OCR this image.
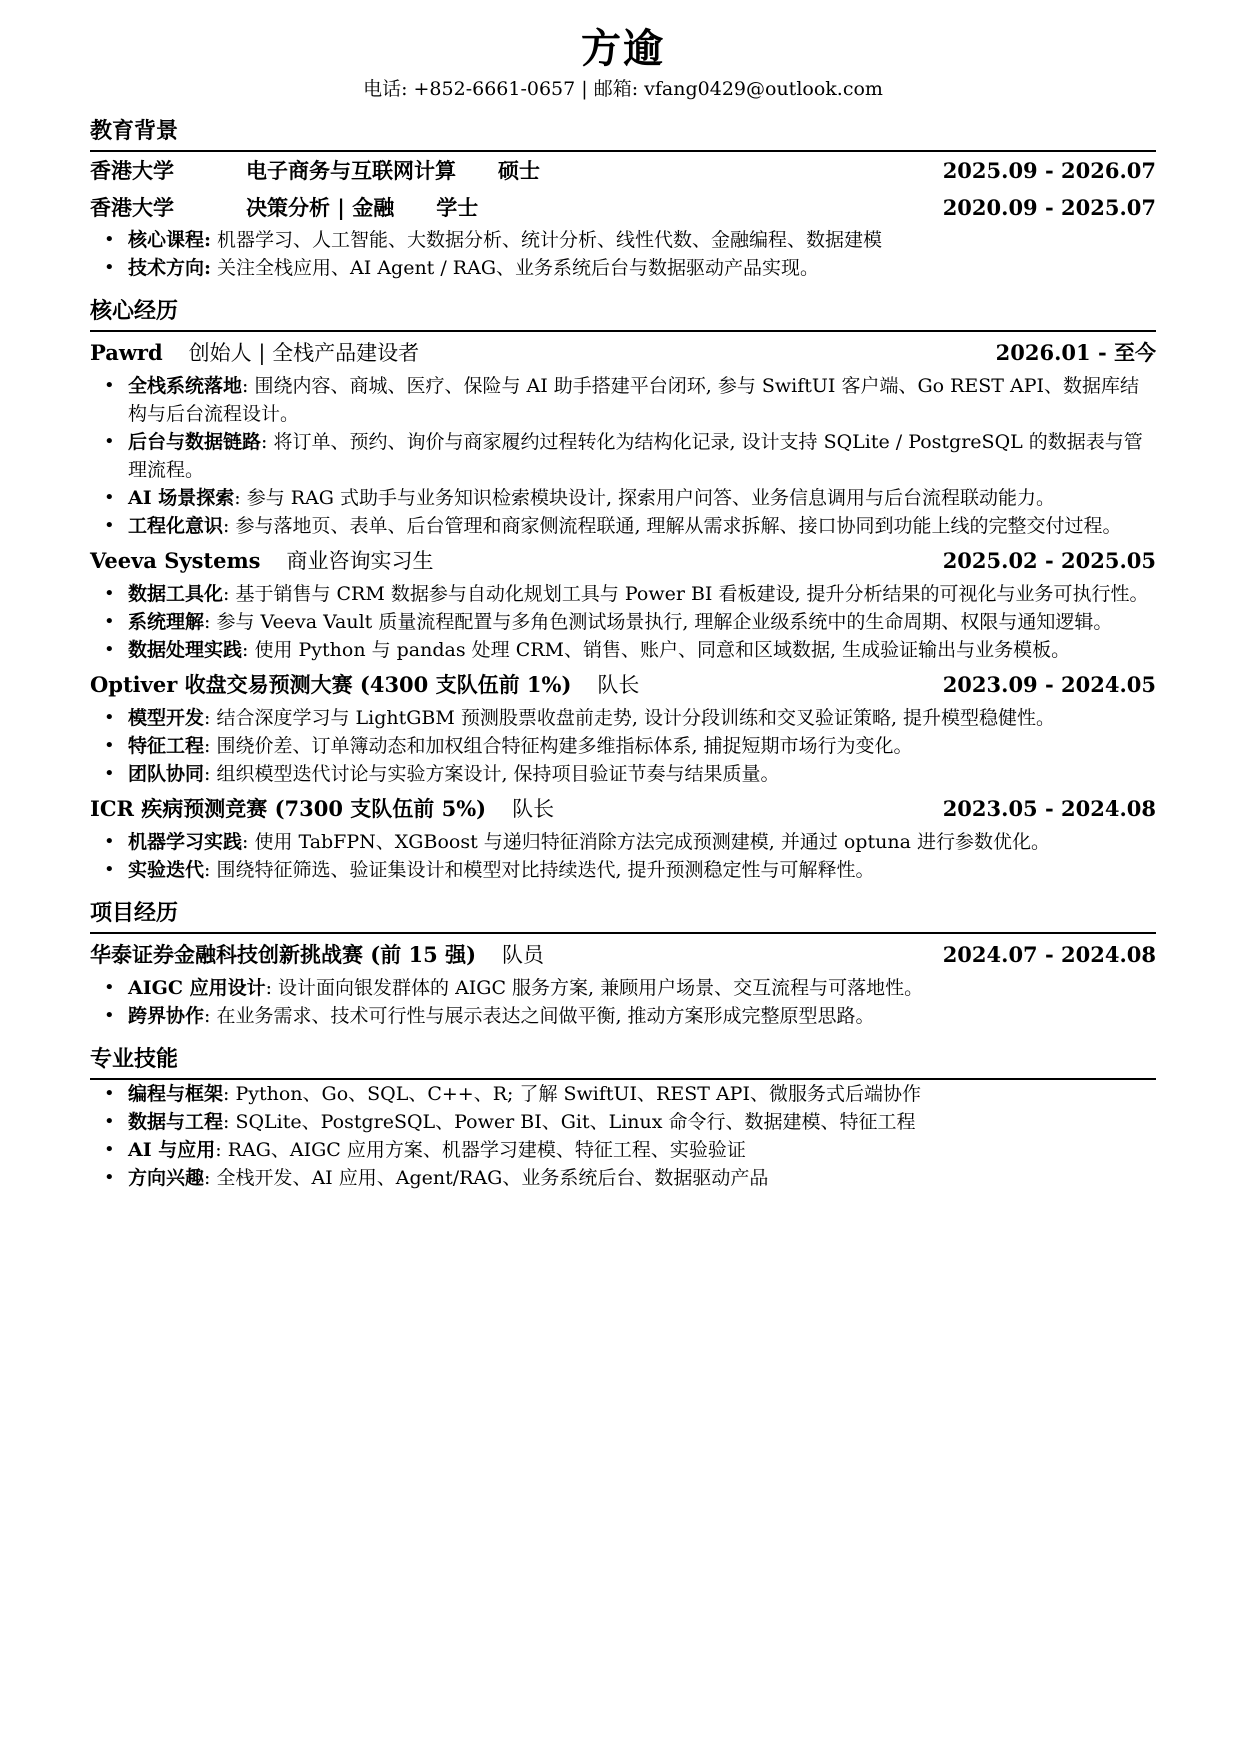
方逾
电话: +852-6661-0657 | 邮箱: vfang0429@outlook.com
教育背景
香港大学	电子商务与互联网计算 硕士	2025.09 - 2026.07
香港大学	决策分析 | 金融 学士	2020.09 - 2025.07
• 核心课程: 机器学习、人工智能、大数据分析、统计分析、线性代数、金融编程、数据建模
• 技术方向: 关注全栈应用、AI Agent / RAG、业务系统后台与数据驱动产品实现。
核心经历
Pawrd 创始人 | 全栈产品建设者	2026.01 - 至今
• 全栈系统落地: 围绕内容、商城、医疗、保险与 AI 助手搭建平台闭环, 参与 SwiftUI 客户端、Go REST API、数据库结构与后台流程设计。
• 后台与数据链路: 将订单、预约、询价与商家履约过程转化为结构化记录, 设计支持 SQLite / PostgreSQL 的数据表与管理流程。
• AI 场景探索: 参与 RAG 式助手与业务知识检索模块设计, 探索用户问答、业务信息调用与后台流程联动能力。
• 工程化意识: 参与落地页、表单、后台管理和商家侧流程联通, 理解从需求拆解、接口协同到功能上线的完整交付过程。
Veeva Systems 商业咨询实习生	2025.02 - 2025.05
• 数据工具化: 基于销售与 CRM 数据参与自动化规划工具与 Power BI 看板建设, 提升分析结果的可视化与业务可执行性。
• 系统理解: 参与 Veeva Vault 质量流程配置与多角色测试场景执行, 理解企业级系统中的生命周期、权限与通知逻辑。
• 数据处理实践: 使用 Python 与 pandas 处理 CRM、销售、账户、同意和区域数据, 生成验证输出与业务模板。
Optiver 收盘交易预测大赛 (4300 支队伍前 1%) 队长	2023.09 - 2024.05
• 模型开发: 结合深度学习与 LightGBM 预测股票收盘前走势, 设计分段训练和交叉验证策略, 提升模型稳健性。
• 特征工程: 围绕价差、订单簿动态和加权组合特征构建多维指标体系, 捕捉短期市场行为变化。
• 团队协同: 组织模型迭代讨论与实验方案设计, 保持项目验证节奏与结果质量。
ICR 疾病预测竞赛 (7300 支队伍前 5%) 队长	2023.05 - 2024.08
• 机器学习实践: 使用 TabFPN、XGBoost 与递归特征消除方法完成预测建模, 并通过 optuna 进行参数优化。
• 实验迭代: 围绕特征筛选、验证集设计和模型对比持续迭代, 提升预测稳定性与可解释性。
项目经历
华泰证券金融科技创新挑战赛 (前 15 强) 队员	2024.07 - 2024.08
• AIGC 应用设计: 设计面向银发群体的 AIGC 服务方案, 兼顾用户场景、交互流程与可落地性。
• 跨界协作: 在业务需求、技术可行性与展示表达之间做平衡, 推动方案形成完整原型思路。
专业技能
• 编程与框架: Python、Go、SQL、C++、R; 了解 SwiftUI、REST API、微服务式后端协作
• 数据与工程: SQLite、PostgreSQL、Power BI、Git、Linux 命令行、数据建模、特征工程
• AI 与应用: RAG、AIGC 应用方案、机器学习建模、特征工程、实验验证
• 方向兴趣: 全栈开发、AI 应用、Agent/RAG、业务系统后台、数据驱动产品
